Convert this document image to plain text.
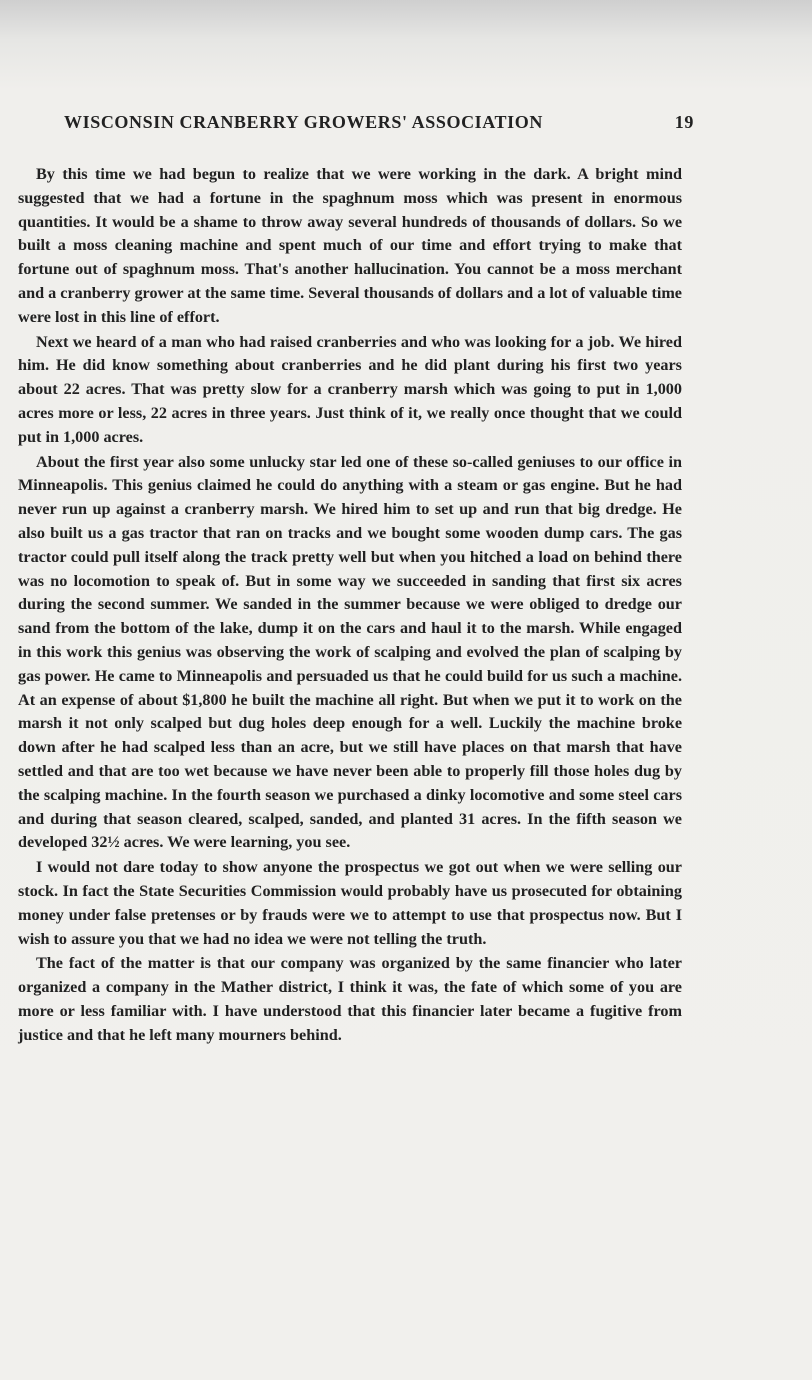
WISCONSIN CRANBERRY GROWERS' ASSOCIATION	19

By this time we had begun to realize that we were working in the dark. A bright mind suggested that we had a fortune in the spaghnum moss which was present in enormous quantities. It would be a shame to throw away several hundreds of thousands of dollars. So we built a moss cleaning machine and spent much of our time and effort trying to make that fortune out of spaghnum moss. That's another hallucination. You cannot be a moss merchant and a cranberry grower at the same time. Several thousands of dollars and a lot of valuable time were lost in this line of effort.

Next we heard of a man who had raised cranberries and who was looking for a job. We hired him. He did know something about cranberries and he did plant during his first two years about 22 acres. That was pretty slow for a cranberry marsh which was going to put in 1,000 acres more or less, 22 acres in three years. Just think of it, we really once thought that we could put in 1,000 acres.

About the first year also some unlucky star led one of these so-called geniuses to our office in Minneapolis. This genius claimed he could do anything with a steam or gas engine. But he had never run up against a cranberry marsh. We hired him to set up and run that big dredge. He also built us a gas tractor that ran on tracks and we bought some wooden dump cars. The gas tractor could pull itself along the track pretty well but when you hitched a load on behind there was no locomotion to speak of. But in some way we succeeded in sanding that first six acres during the second summer. We sanded in the summer because we were obliged to dredge our sand from the bottom of the lake, dump it on the cars and haul it to the marsh. While engaged in this work this genius was observing the work of scalping and evolved the plan of scalping by gas power. He came to Minneapolis and persuaded us that he could build for us such a machine. At an expense of about $1,800 he built the machine all right. But when we put it to work on the marsh it not only scalped but dug holes deep enough for a well. Luckily the machine broke down after he had scalped less than an acre, but we still have places on that marsh that have settled and that are too wet because we have never been able to properly fill those holes dug by the scalping machine. In the fourth season we purchased a dinky locomotive and some steel cars and during that season cleared, scalped, sanded, and planted 31 acres. In the fifth season we developed 32½ acres. We were learning, you see.

I would not dare today to show anyone the prospectus we got out when we were selling our stock. In fact the State Securities Commission would probably have us prosecuted for obtaining money under false pretenses or by frauds were we to attempt to use that prospectus now. But I wish to assure you that we had no idea we were not telling the truth.

The fact of the matter is that our company was organized by the same financier who later organized a company in the Mather district, I think it was, the fate of which some of you are more or less familiar with. I have understood that this financier later became a fugitive from justice and that he left many mourners behind.
